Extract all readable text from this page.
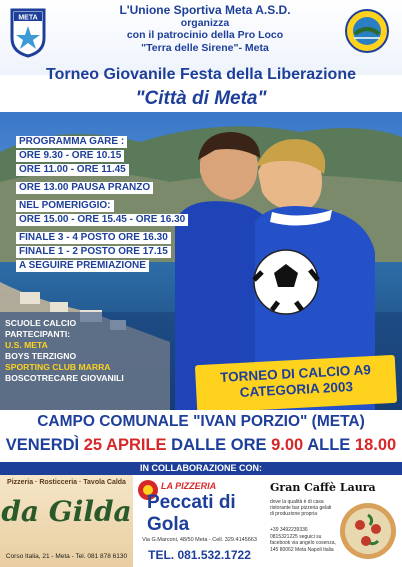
META
L'Unione Sportiva Meta A.S.D.
organizza
con il patrocinio della Pro Loco
"Terra delle Sirene"- Meta
Torneo Giovanile Festa della Liberazione
"Città di Meta"
PROGRAMMA GARE :
ORE 9.30 - ORE 10.15
ORE 11.00 - ORE 11.45
ORE 13.00 PAUSA PRANZO
NEL POMERIGGIO:
ORE 15.00 - ORE 15.45 - ORE 16.30
FINALE 3 - 4 POSTO ORE 16.30
FINALE 1 - 2 POSTO ORE 17.15
A SEGUIRE PREMIAZIONE
SCUOLE CALCIO
PARTECIPANTI:
U.S. META
BOYS TERZIGNO
SPORTING CLUB MARRA
BOSCOTRECARE GIOVANILI	TORNEO DI CALCIO A9
CATEGORIA 2003
CAMPO COMUNALE "IVAN PORZIO" (META)
VENERDÌ 25 APRILE DALLE ORE 9.00 ALLE 18.00
IN COLLABORAZIONE CON:
Pizzeria · Rosticceria · Tavola Calda
da Gilda
Corso Italia, 21 - Meta - Tel. 081 878 6130
LA PIZZERIA
Peccati di Gola
Via G.Marconi, 48/50 Meta - Cell. 329.4145663
TEL. 081.532.1722
Gran Caffè Laura
dove la qualità è di casa ristorante bar pizzeria gelati di produzione propria
+39 3492239336 0815321225 seguici su facebook via angelo cosenza, 145 80062 Meta Napoli Italia
